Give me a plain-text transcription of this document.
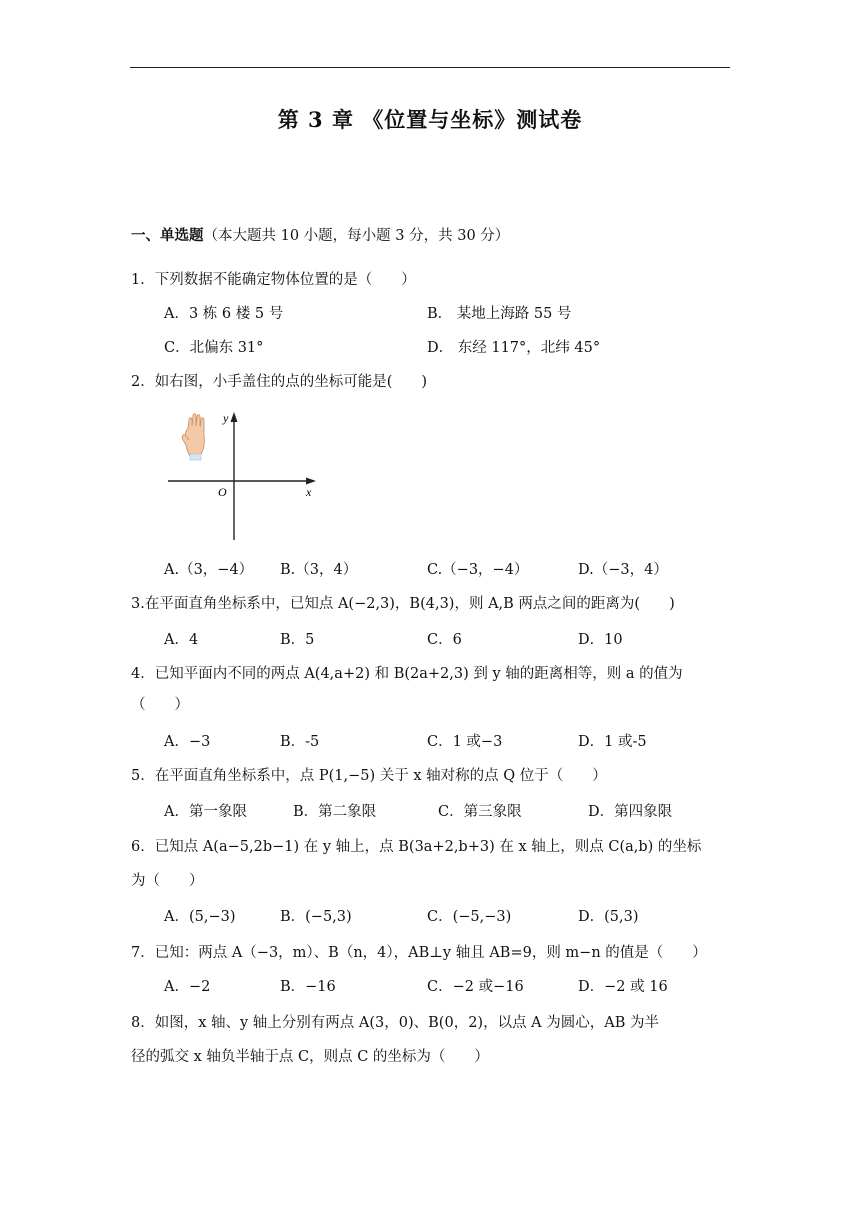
第 3 章 《位置与坐标》测试卷
一、单选题（本大题共 10 小题，每小题 3 分，共 30 分）
1．下列数据不能确定物体位置的是（　　）
A．3 栋 6 楼 5 号	B． 某地上海路 55 号
C．北偏东 31°	D． 东经 117°，北纬 45°
2．如右图，小手盖住的点的坐标可能是(　　)
y
x
O
A.（3，−4） B.（3，4）	C.（−3，−4）	D.（−3，4）
3.在平面直角坐标系中，已知点 A(−2,3)，B(4,3)，则 A,B 两点之间的距离为(　　)
A．4	B．5	C．6	D．10
4．已知平面内不同的两点 A(4,a+2) 和 B(2a+2,3) 到 y 轴的距离相等，则 a 的值为
（　　）
A．−3	B．-5	C．1 或−3	D．1 或-5
5．在平面直角坐标系中，点 P(1,−5) 关于 x 轴对称的点 Q 位于（　　）
A．第一象限	B．第二象限	C．第三象限	D．第四象限
6．已知点 A(a−5,2b−1) 在 y 轴上，点 B(3a+2,b+3) 在 x 轴上，则点 C(a,b) 的坐标
为（　　）
A．(5,−3)	B．(−5,3)	C．(−5,−3)	D．(5,3)
7．已知：两点 A（−3，m）、B（n，4），AB⊥y 轴且 AB=9，则 m−n 的值是（　　）
A．−2	B．−16	C．−2 或−16	D．−2 或 16
8．如图，x 轴、y 轴上分别有两点 A(3，0)、B(0，2)，以点 A 为圆心，AB 为半
径的弧交 x 轴负半轴于点 C，则点 C 的坐标为（　　）
